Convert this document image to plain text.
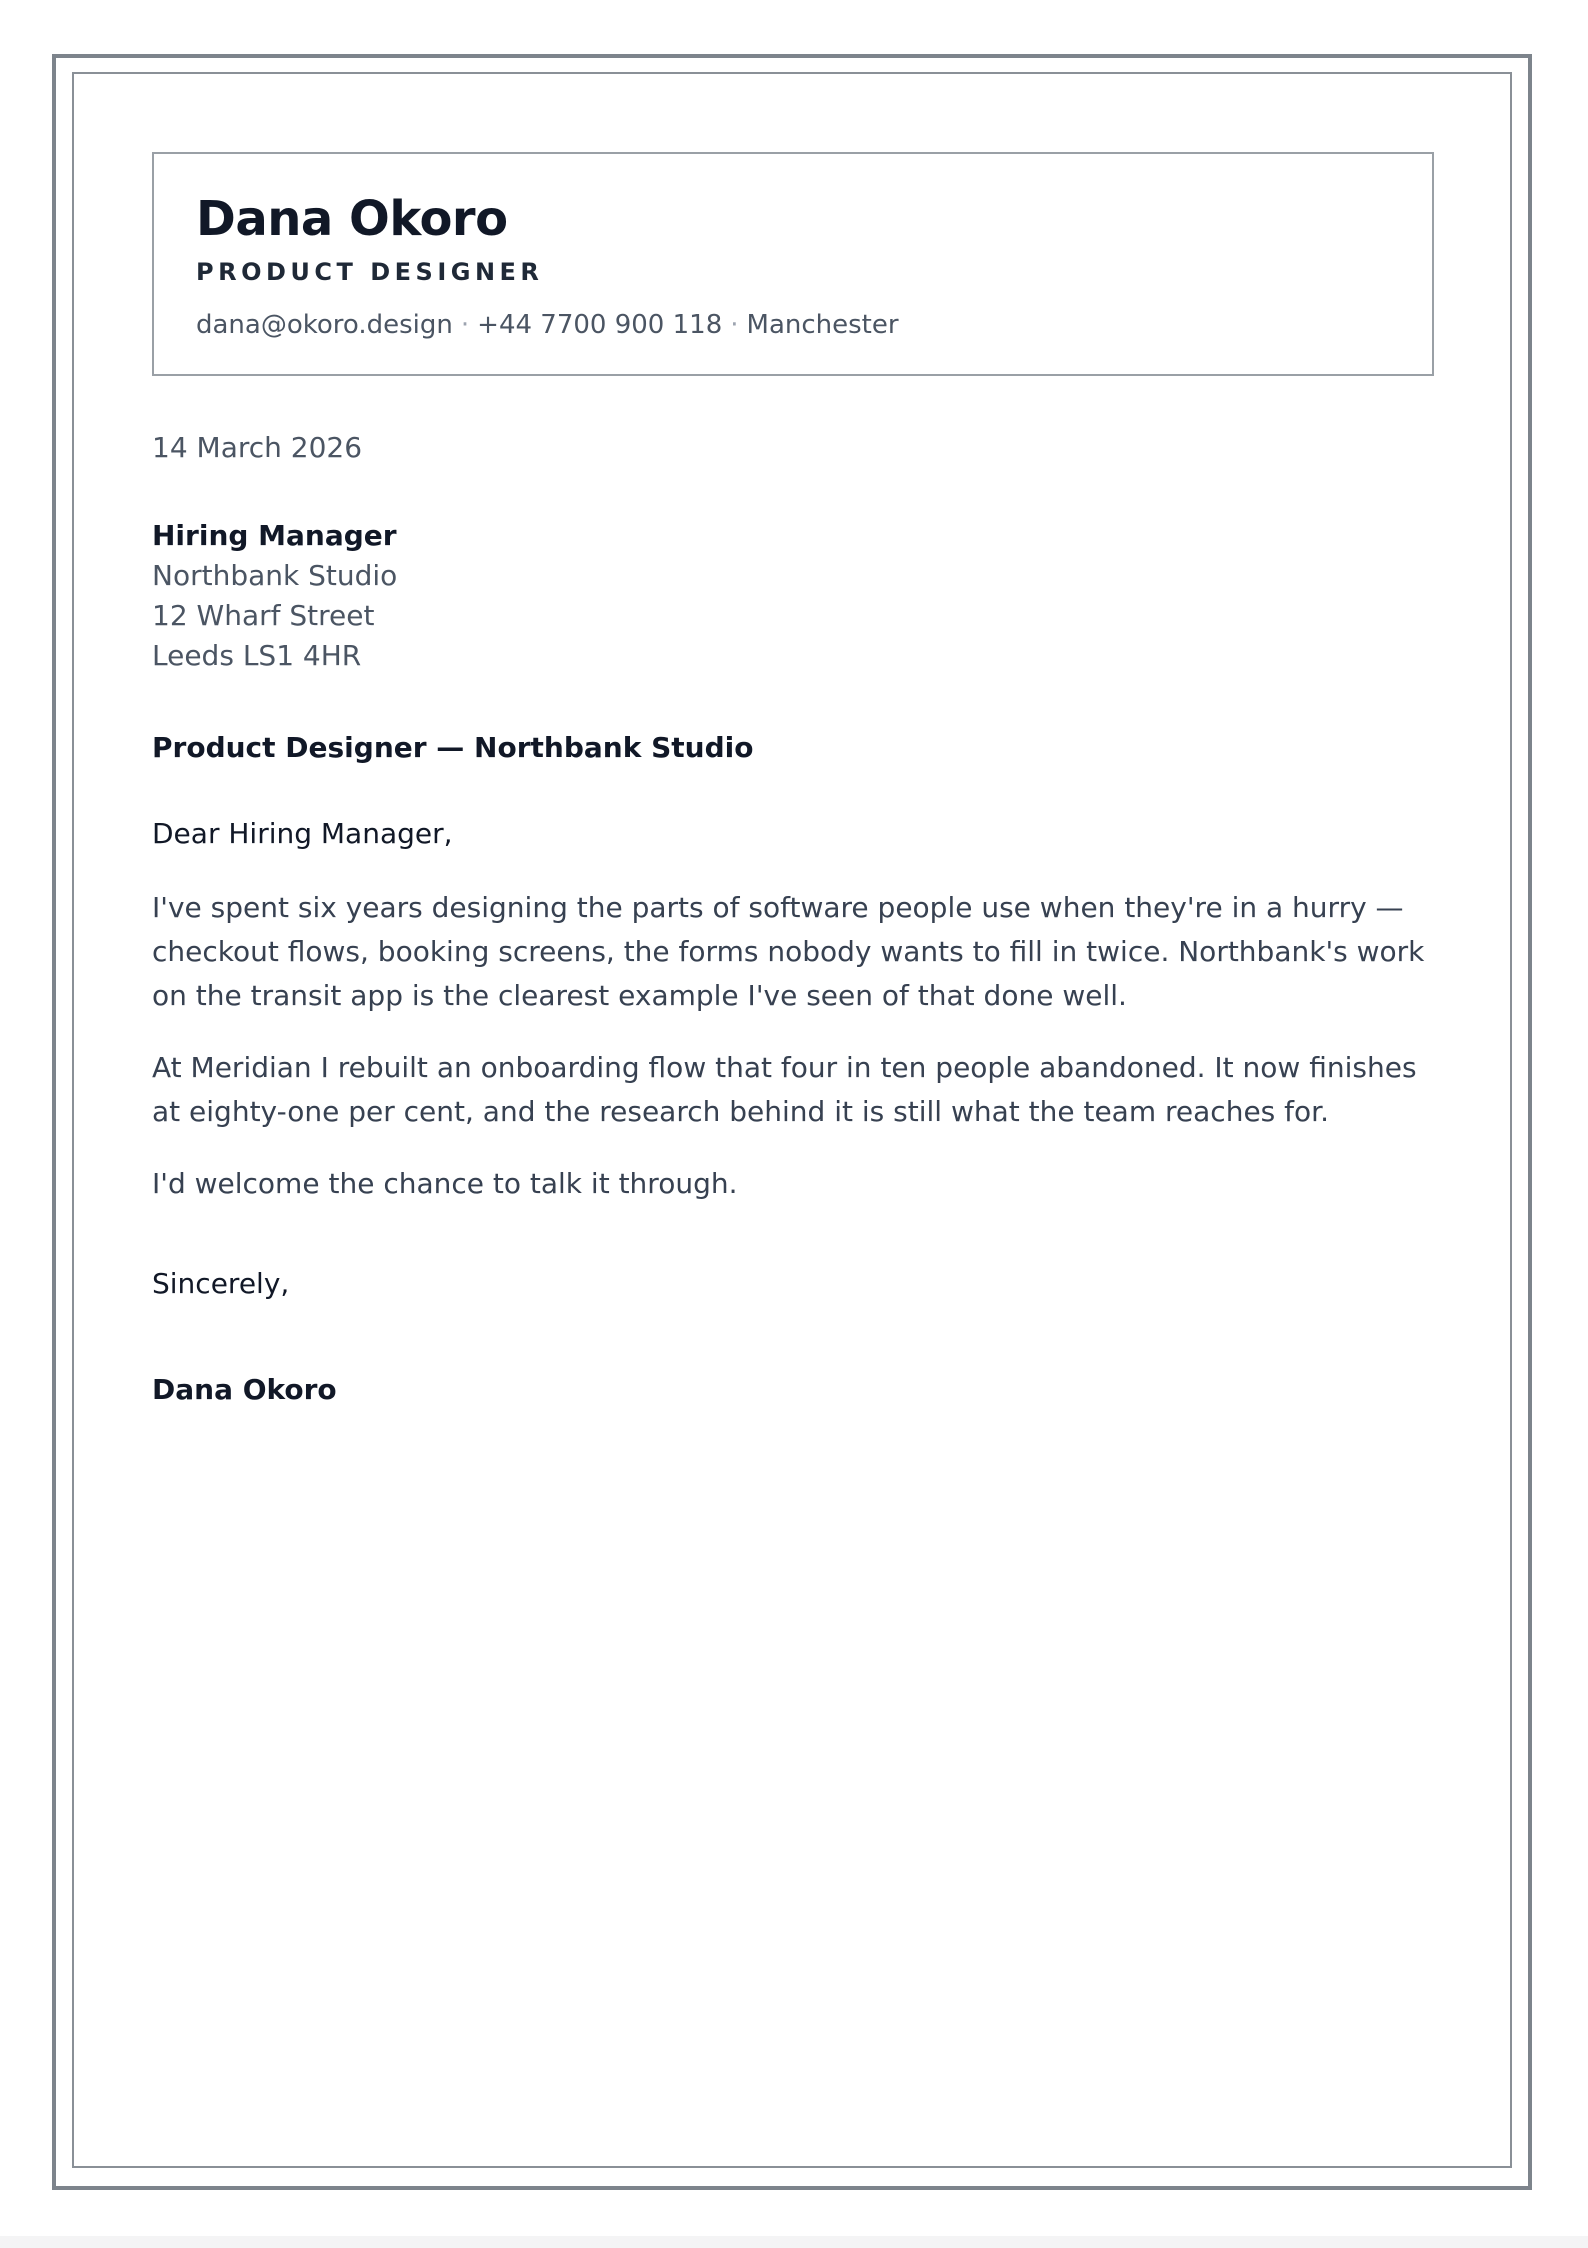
Dana Okoro
PRODUCT DESIGNER
dana@okoro.design · +44 7700 900 118 · Manchester
14 March 2026
Hiring Manager
Northbank Studio
12 Wharf Street
Leeds LS1 4HR
Product Designer — Northbank Studio
Dear Hiring Manager,
I've spent six years designing the parts of software people use when they're in a hurry — checkout flows, booking screens, the forms nobody wants to fill in twice. Northbank's work on the transit app is the clearest example I've seen of that done well.
At Meridian I rebuilt an onboarding flow that four in ten people abandoned. It now finishes at eighty-one per cent, and the research behind it is still what the team reaches for.
I'd welcome the chance to talk it through.
Sincerely,
Dana Okoro
